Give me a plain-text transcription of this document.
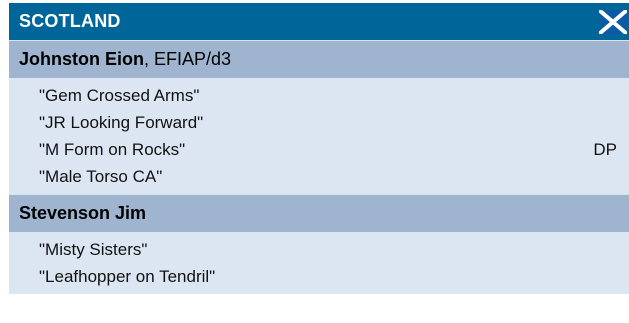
SCOTLAND
Johnston Eion , EFIAP/d3
"Gem Crossed Arms"
"JR Looking Forward"
"M Form on Rocks"	DP
"Male Torso CA"
Stevenson Jim
"Misty Sisters"
"Leafhopper on Tendril"
